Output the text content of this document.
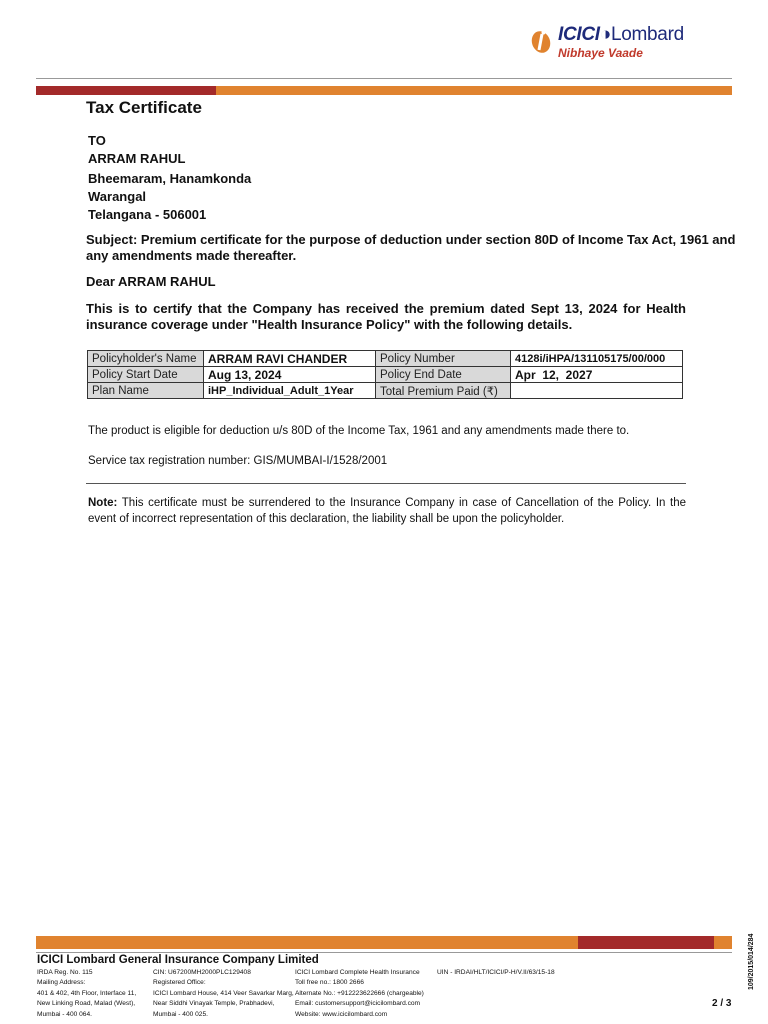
ICICI◑Lombard
Nibhaye Vaade
Tax Certificate
TO
ARRAM RAHUL
Bheemaram, Hanamkonda
Warangal
Telangana - 506001
Subject: Premium certificate for the purpose of deduction under section 80D of Income Tax Act, 1961 and any amendments made thereafter.
Dear ARRAM RAHUL
This is to certify that the Company has received the premium dated Sept 13, 2024 for Health insurance coverage under "Health Insurance Policy" with the following details.
Policyholder's Name	ARRAM RAVI CHANDER	Policy Number	4128i/iHPA/131105175/00/000
Policy Start Date	Aug 13, 2024	Policy End Date	Apr  12,  2027
Plan Name	iHP_Individual_Adult_1Year	Total Premium Paid (₹)	
The product is eligible for deduction u/s 80D of the Income Tax, 1961 and any amendments made there to.
Service tax registration number: GIS/MUMBAI-I/1528/2001
Note: This certificate must be surrendered to the Insurance Company in case of Cancellation of the Policy. In the event of incorrect representation of this declaration, the liability shall be upon the policyholder.
ICICI Lombard General Insurance Company Limited
IRDA Reg. No. 115
Mailing Address:
401 & 402, 4th Floor, Interface 11,
New Linking Road, Malad (West),
Mumbai - 400 064.
CIN: U67200MH2000PLC129408
Registered Office:
ICICI Lombard House, 414 Veer Savarkar Marg,
Near Siddhi Vinayak Temple, Prabhadevi,
Mumbai - 400 025.
ICICI Lombard Complete Health Insurance
Toll free no.: 1800 2666
Alternate No.: +912223622666 (chargeable)
Email: customersupport@icicilombard.com
Website: www.icicilombard.com
UIN - IRDAI/HLT/ICICI/P-H/V.II/63/15-18
2 / 3
109/2015/014/284
